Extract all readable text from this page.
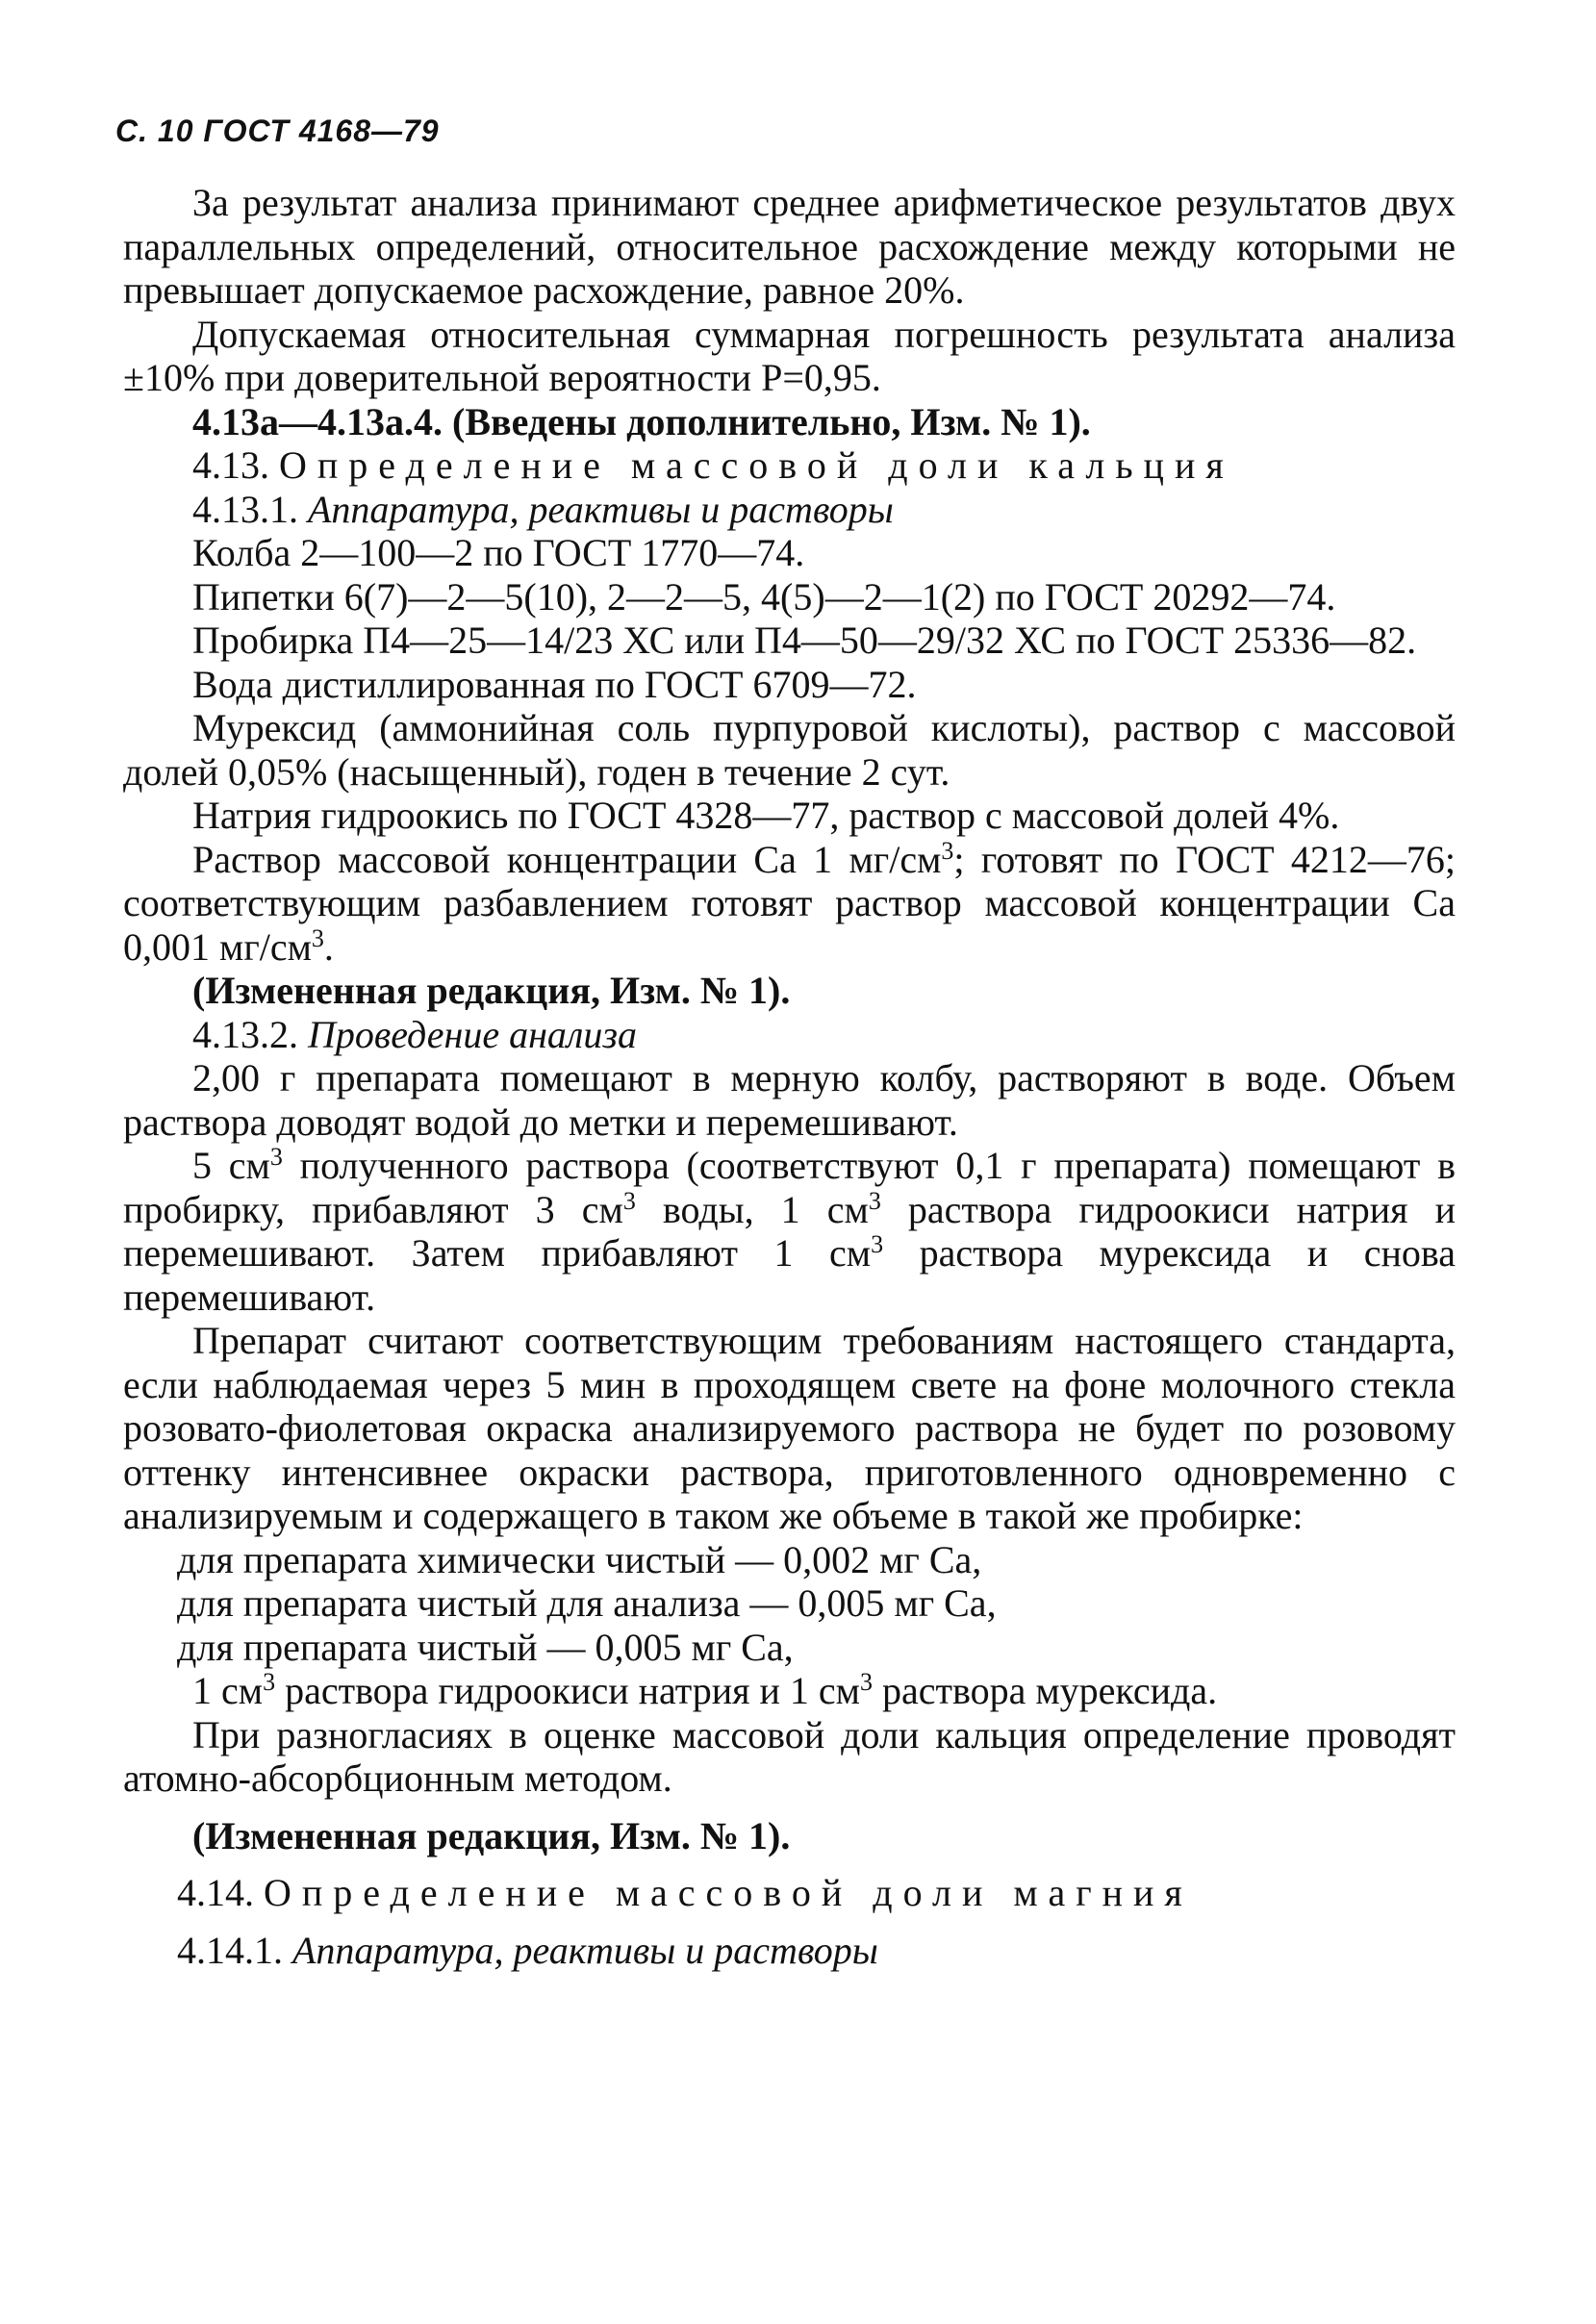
С. 10 ГОСТ 4168—79

За результат анализа принимают среднее арифметическое результатов двух параллельных определений, относительное расхождение между которыми не превышает допускаемое расхождение, равное 20%.

Допускаемая относительная суммарная погрешность результата анализа ±10% при доверительной вероятности P=0,95.

4.13а—4.13а.4. (Введены дополнительно, Изм. № 1).

4.13. Определение массовой доли кальция

4.13.1. Аппаратура, реактивы и растворы

Колба 2—100—2 по ГОСТ 1770—74.

Пипетки 6(7)—2—5(10), 2—2—5, 4(5)—2—1(2) по ГОСТ 20292—74.

Пробирка П4—25—14/23 ХС или П4—50—29/32 ХС по ГОСТ 25336—82.

Вода дистиллированная по ГОСТ 6709—72.

Мурексид (аммонийная соль пурпуровой кислоты), раствор с массовой долей 0,05% (насыщенный), годен в течение 2 сут.

Натрия гидроокись по ГОСТ 4328—77, раствор с массовой долей 4%.

Раствор массовой концентрации Са 1 $мг/см^3$; готовят по ГОСТ 4212—76; соответствующим разбавлением готовят раствор массовой концентрации Са 0,001 $мг/см^3$.

(Измененная редакция, Изм. № 1).

4.13.2. Проведение анализа

2,00 г препарата помещают в мерную колбу, растворяют в воде. Объем раствора доводят водой до метки и перемешивают.

5 $см^3$ полученного раствора (соответствуют 0,1 г препарата) помещают в пробирку, прибавляют 3 $см^3$ воды, 1 $см^3$ раствора гидроокиси натрия и перемешивают. Затем прибавляют 1 $см^3$ раствора мурексида и снова перемешивают.

Препарат считают соответствующим требованиям настоящего стандарта, если наблюдаемая через 5 мин в проходящем свете на фоне молочного стекла розовато-фиолетовая окраска анализируемого раствора не будет по розовому оттенку интенсивнее окраски раствора, приготовленного одновременно с анализируемым и содержащего в таком же объеме в такой же пробирке:

для препарата химически чистый — 0,002 мг Са,

для препарата чистый для анализа — 0,005 мг Са,

для препарата чистый — 0,005 мг Са,

1 $см^3$ раствора гидроокиси натрия и 1 $см^3$ раствора мурексида.

При разногласиях в оценке массовой доли кальция определение проводят атомно-абсорбционным методом.

(Измененная редакция, Изм. № 1).

4.14. Определение массовой доли магния

4.14.1. Аппаратура, реактивы и растворы
